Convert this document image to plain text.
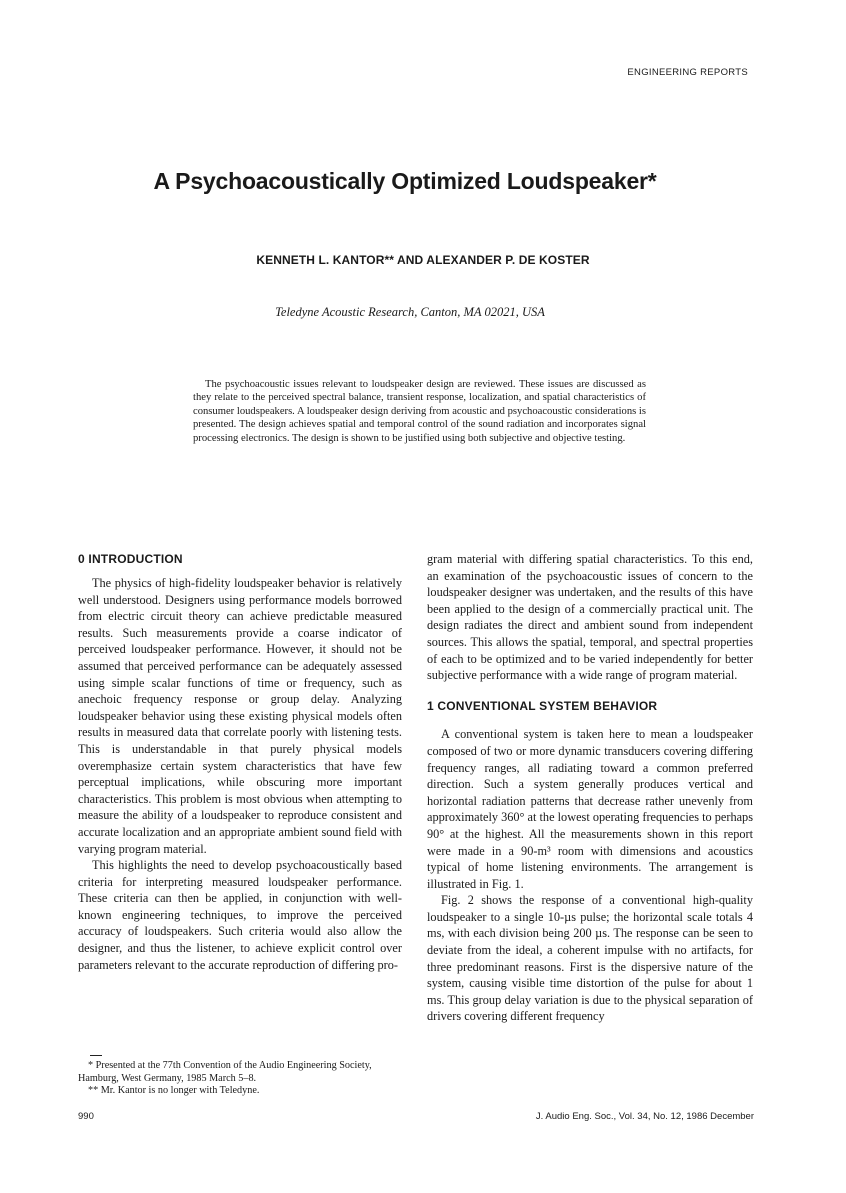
ENGINEERING REPORTS
A Psychoacoustically Optimized Loudspeaker*
KENNETH L. KANTOR** AND ALEXANDER P. DE KOSTER
Teledyne Acoustic Research, Canton, MA 02021, USA
The psychoacoustic issues relevant to loudspeaker design are reviewed. These issues are discussed as they relate to the perceived spectral balance, transient response, localization, and spatial characteristics of consumer loudspeakers. A loudspeaker design deriving from acoustic and psychoacoustic considerations is presented. The design achieves spatial and temporal control of the sound radiation and incorporates signal processing electronics. The design is shown to be justified using both subjective and objective testing.
0 INTRODUCTION

The physics of high-fidelity loudspeaker behavior is relatively well understood. Designers using performance models borrowed from electric circuit theory can achieve predictable measured results. Such measurements provide a coarse indicator of perceived loudspeaker performance. However, it should not be assumed that perceived performance can be adequately assessed using simple scalar functions of time or frequency, such as anechoic frequency response or group delay. Analyzing loudspeaker behavior using these existing physical models often results in measured data that correlate poorly with listening tests. This is understandable in that purely physical models overemphasize certain system characteristics that have few perceptual implications, while obscuring more important characteristics. This problem is most obvious when attempting to measure the ability of a loudspeaker to reproduce consistent and accurate localization and an appropriate ambient sound field with varying program material.

This highlights the need to develop psychoacoustically based criteria for interpreting measured loudspeaker performance. These criteria can then be applied, in conjunction with well-known engineering techniques, to improve the perceived accuracy of loudspeakers. Such criteria would also allow the designer, and thus the listener, to achieve explicit control over parameters relevant to the accurate reproduction of differing pro-

gram material with differing spatial characteristics. To this end, an examination of the psychoacoustic issues of concern to the loudspeaker designer was undertaken, and the results of this have been applied to the design of a commercially practical unit. The design radiates the direct and ambient sound from independent sources. This allows the spatial, temporal, and spectral properties of each to be optimized and to be varied independently for better subjective performance with a wide range of program material.

1 CONVENTIONAL SYSTEM BEHAVIOR

A conventional system is taken here to mean a loudspeaker composed of two or more dynamic transducers covering differing frequency ranges, all radiating toward a common preferred direction. Such a system generally produces vertical and horizontal radiation patterns that decrease rather unevenly from approximately 360° at the lowest operating frequencies to perhaps 90° at the highest. All the measurements shown in this report were made in a 90-m³ room with dimensions and acoustics typical of home listening environments. The arrangement is illustrated in Fig. 1.

Fig. 2 shows the response of a conventional high-quality loudspeaker to a single 10-µs pulse; the horizontal scale totals 4 ms, with each division being 200 µs. The response can be seen to deviate from the ideal, a coherent impulse with no artifacts, for three predominant reasons. First is the dispersive nature of the system, causing visible time distortion of the pulse for about 1 ms. This group delay variation is due to the physical separation of drivers covering different frequency

* Presented at the 77th Convention of the Audio Engineering Society, Hamburg, West Germany, 1985 March 5–8.
** Mr. Kantor is no longer with Teledyne.
990	J. Audio Eng. Soc., Vol. 34, No. 12, 1986 December
